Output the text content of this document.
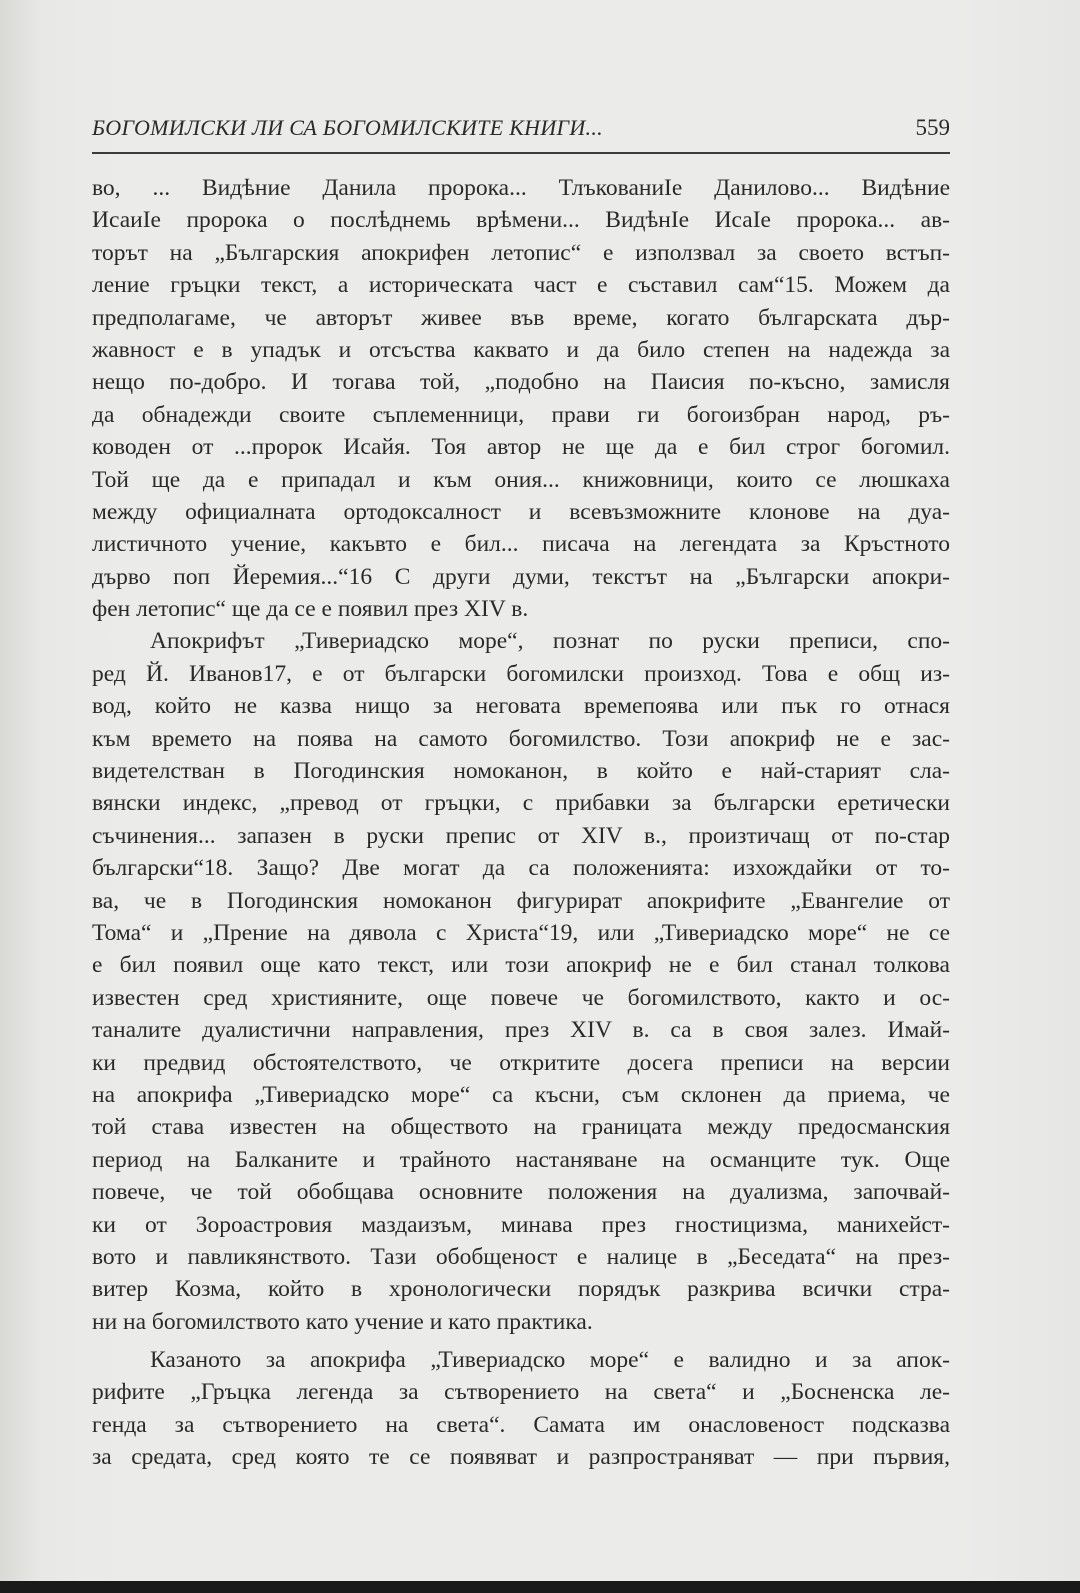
БОГОМИЛСКИ ЛИ СА БОГОМИЛСКИТЕ КНИГИ...	559
во, ... Видѣние Данила пророка... ТлъкованиІе Данилово... Видѣние
ИсаиІе пророка о послѣднемь врѣмени... ВидѣнІе ИсаІе пророка... ав-
торът на „Българския апокрифен летопис“ е използвал за своето встъп-
ление гръцки текст, а историческата част е съставил сам“15. Можем да
предполагаме, че авторът живее във време, когато българската дър-
жавност е в упадък и отсъства каквато и да било степен на надежда за
нещо по-добро. И тогава той, „подобно на Паисия по-късно, замисля
да обнадежди своите съплеменници, прави ги богоизбран народ, ръ-
ководен от ...пророк Исайя. Тоя автор не ще да е бил строг богомил.
Той ще да е припадал и към ония... книжовници, които се люшкаха
между официалната ортодоксалност и всевъзможните клонове на дуа-
листичното учение, какъвто е бил... писача на легендата за Кръстното
дърво поп Йеремия...“16 С други думи, текстът на „Български апокри-
фен летопис“ ще да се е появил през XIV в.
Апокрифът „Тивериадско море“, познат по руски преписи, спо-
ред Й. Иванов17, е от български богомилски произход. Това е общ из-
вод, който не казва нищо за неговата времепоява или пък го отнася
към времето на поява на самото богомилство. Този апокриф не е зас-
видетелстван в Погодинския номоканон, в който е най-старият сла-
вянски индекс, „превод от гръцки, с прибавки за български еретически
съчинения... запазен в руски препис от XIV в., произтичащ от по-стар
български“18. Защо? Две могат да са положенията: изхождайки от то-
ва, че в Погодинския номоканон фигурират апокрифите „Евангелие от
Тома“ и „Прение на дявола с Христа“19, или „Тивериадско море“ не се
е бил появил още като текст, или този апокриф не е бил станал толкова
известен сред християните, още повече че богомилството, както и ос-
таналите дуалистични направления, през XIV в. са в своя залез. Имай-
ки предвид обстоятелството, че откритите досега преписи на версии
на апокрифа „Тивериадско море“ са късни, съм склонен да приема, че
той става известен на обществото на границата между предосманския
период на Балканите и трайното настаняване на османците тук. Още
повече, че той обобщава основните положения на дуализма, започвай-
ки от Зороастровия маздаизъм, минава през гностицизма, манихейст-
вото и павликянството. Тази обобщеност е налице в „Беседата“ на през-
витер Козма, който в хронологически порядък разкрива всички стра-
ни на богомилството като учение и като практика.
Казаното за апокрифа „Тивериадско море“ е валидно и за апок-
рифите „Гръцка легенда за сътворението на света“ и „Босненска ле-
генда за сътворението на света“. Самата им онасловеност подсказва
за средата, сред която те се появяват и разпространяват — при първия,
